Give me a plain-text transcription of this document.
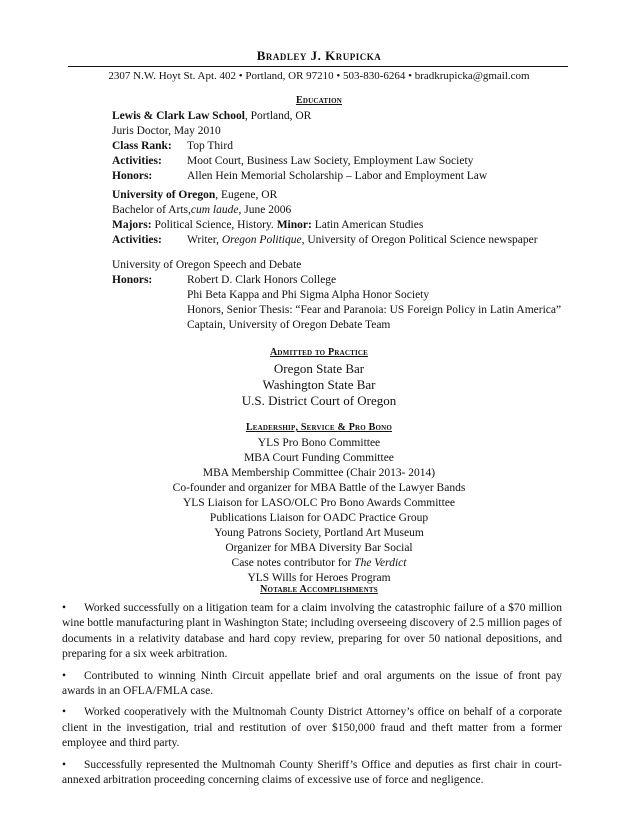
Bradley J. Krupicka
2307 N.W. Hoyt St. Apt. 402 • Portland, OR 97210 • 503-830-6264 • bradkrupicka@gmail.com
Education
Lewis & Clark Law School , Portland, OR
Juris Doctor, May 2010
Class Rank:	Top Third
Activities:	Moot Court, Business Law Society, Employment Law Society
Honors:	Allen Hein Memorial Scholarship – Labor and Employment Law
University of Oregon , Eugene, OR
Bachelor of Arts, cum laude , June 2006
Majors: Political Science, History. Minor: Latin American Studies
Activities:	Writer, Oregon Politique, University of Oregon Political Science newspaper
University of Oregon Speech and Debate
Honors:	Robert D. Clark Honors College
Phi Beta Kappa and Phi Sigma Alpha Honor Society
Honors, Senior Thesis: “Fear and Paranoia: US Foreign Policy in Latin America”
Captain, University of Oregon Debate Team
Admitted to Practice
Oregon State Bar
Washington State Bar
U.S. District Court of Oregon
Leadership, Service & Pro Bono
YLS Pro Bono Committee
MBA Court Funding Committee
MBA Membership Committee (Chair 2013- 2014)
Co-founder and organizer for MBA Battle of the Lawyer Bands
YLS Liaison for LASO/OLC Pro Bono Awards Committee
Publications Liaison for OADC Practice Group
Young Patrons Society, Portland Art Museum
Organizer for MBA Diversity Bar Social
Case notes contributor for The Verdict
YLS Wills for Heroes Program
Notable Accomplishments
• Worked successfully on a litigation team for a claim involving the catastrophic failure of a $70 million wine bottle manufacturing plant in Washington State; including overseeing discovery of 2.5 million pages of documents in a relativity database and hard copy review, preparing for over 50 national depositions, and preparing for a six week arbitration.
• Contributed to winning Ninth Circuit appellate brief and oral arguments on the issue of front pay awards in an OFLA/FMLA case.
• Worked cooperatively with the Multnomah County District Attorney’s office on behalf of a corporate client in the investigation, trial and restitution of over $150,000 fraud and theft matter from a former employee and third party.
• Successfully represented the Multnomah County Sheriff’s Office and deputies as first chair in court-annexed arbitration proceeding concerning claims of excessive use of force and negligence.
